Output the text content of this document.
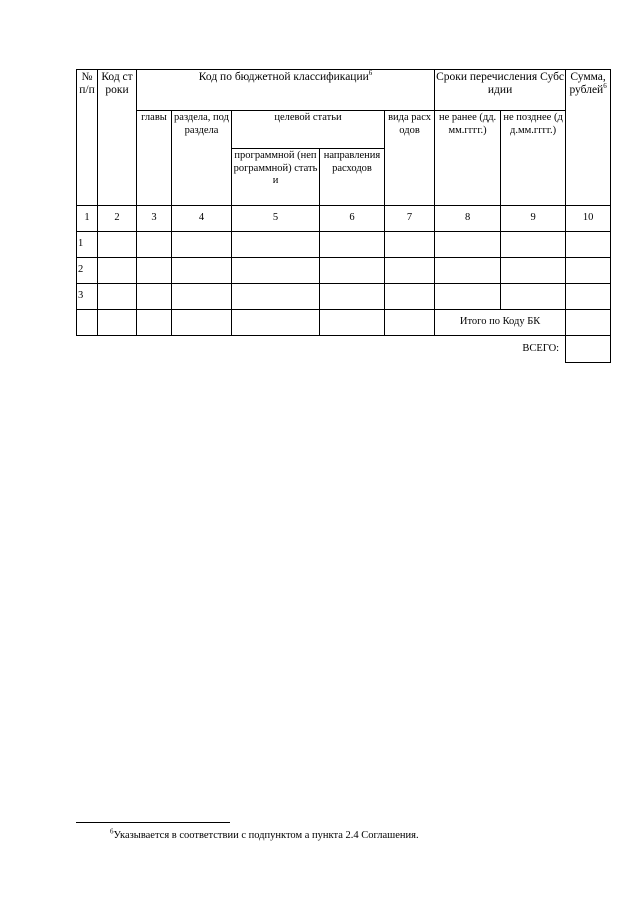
№ п/п	Код строки	Код по бюджетной классификации$^6$					Сроки перечисления Субсидии		Сумма, рублей$^6$
		главы	раздела, подраздела	целевой статьи		вида расходов	не ранее (дд.мм.гггг.)	не позднее (дд.мм.гггг.)	
				программной (непрограммной) статьи	направления расходов				
1	2	3	4	5	6	7	8	9	10
1									
2									
3									
							Итого по Коду БК		
ВСЕГО:									
$^6$Указывается в соответствии с подпунктом а пункта 2.4 Соглашения.
